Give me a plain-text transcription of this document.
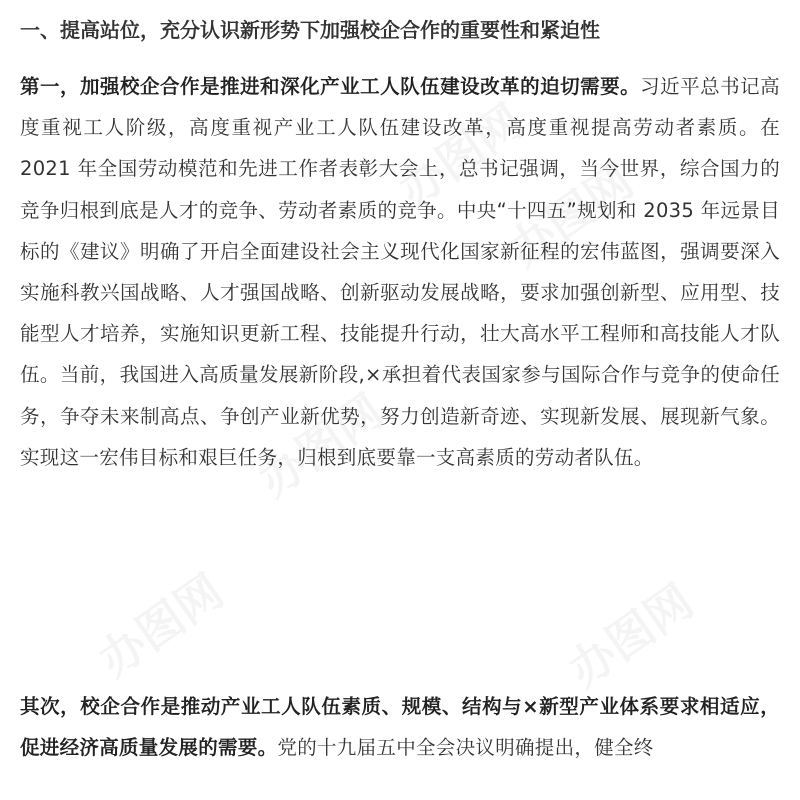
办图网
办图网
办图网
办图网	办图网
一、提高站位，充分认识新形势下加强校企合作的重要性和紧迫性

第一，加强校企合作是推进和深化产业工人队伍建设改革的迫切需要。习近平总书记高度重视工人阶级，高度重视产业工人队伍建设改革，高度重视提高劳动者素质。在 2021 年全国劳动模范和先进工作者表彰大会上，总书记强调，当今世界，综合国力的竞争归根到底是人才的竞争、劳动者素质的竞争。中央“十四五”规划和 2035 年远景目标的《建议》明确了开启全面建设社会主义现代化国家新征程的宏伟蓝图，强调要深入实施科教兴国战略、人才强国战略、创新驱动发展战略，要求加强创新型、应用型、技能型人才培养，实施知识更新工程、技能提升行动，壮大高水平工程师和高技能人才队伍。当前，我国进入高质量发展新阶段,×承担着代表国家参与国际合作与竞争的使命任务，争夺未来制高点、争创产业新优势，努力创造新奇迹、实现新发展、展现新气象。实现这一宏伟目标和艰巨任务，归根到底要靠一支高素质的劳动者队伍。

其次，校企合作是推动产业工人队伍素质、规模、结构与×新型产业体系要求相适应，促进经济高质量发展的需要。党的十九届五中全会决议明确提出，健全终
